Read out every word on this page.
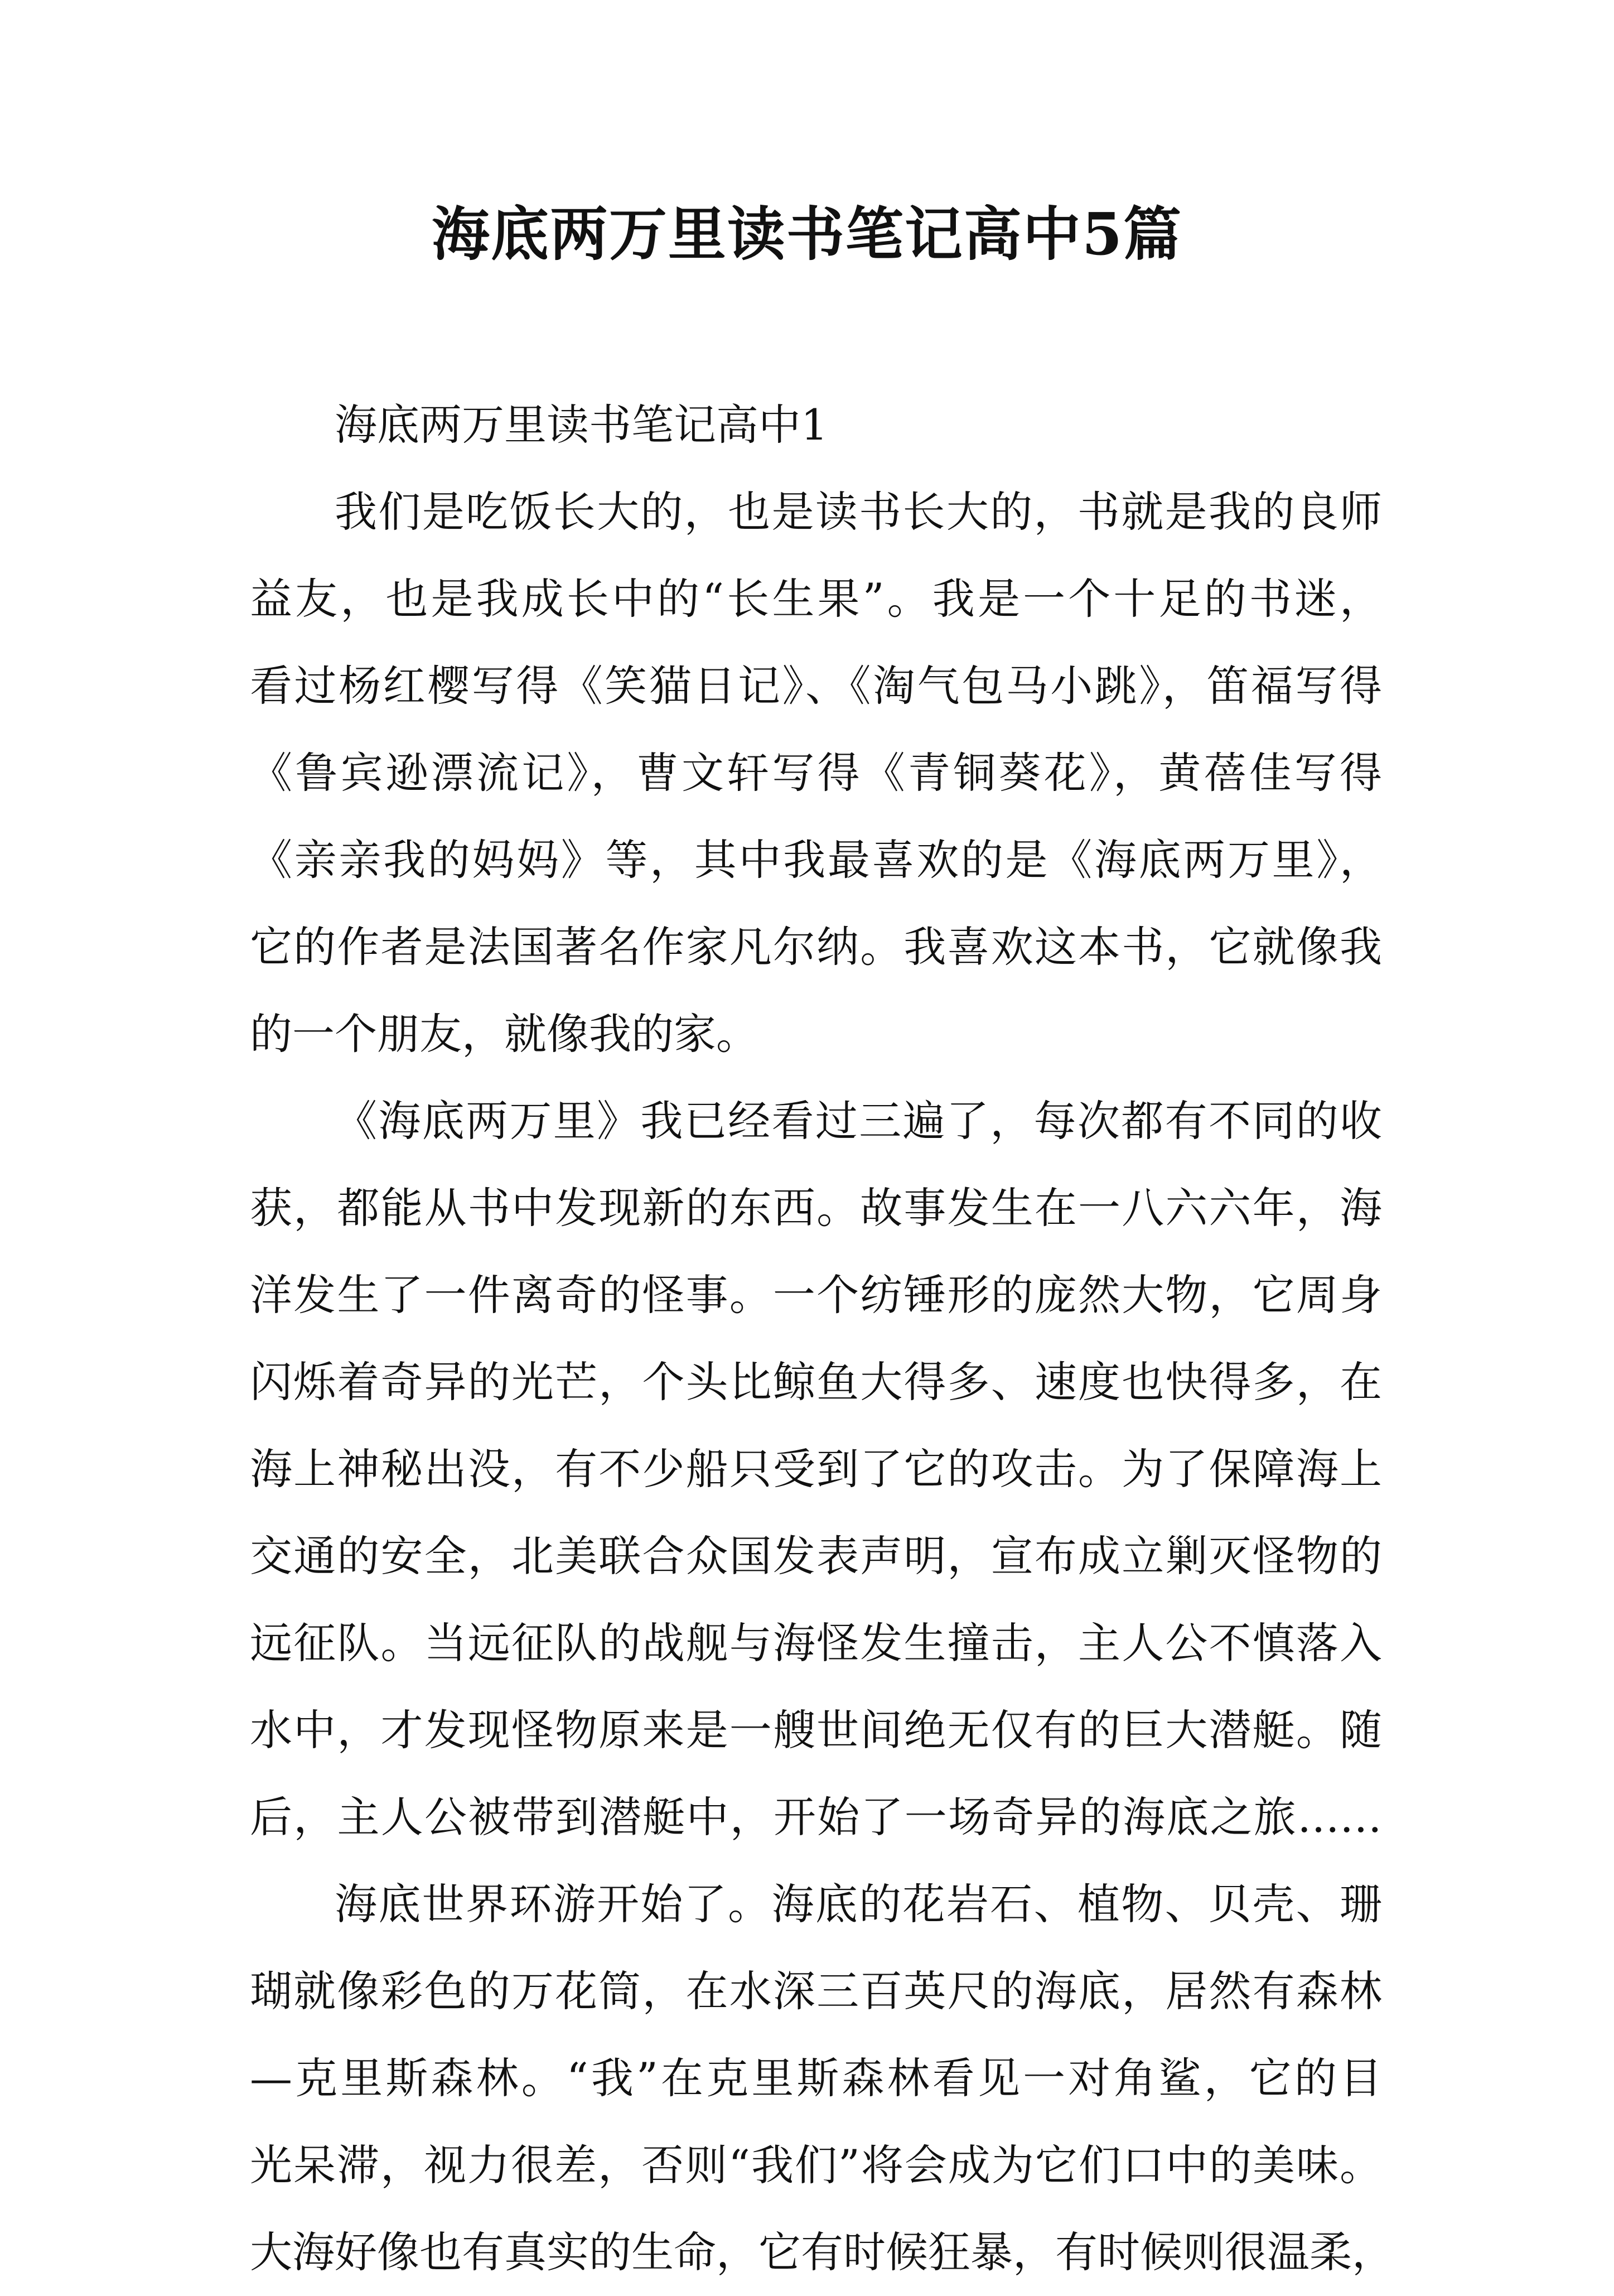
海底两万里读书笔记高中5篇
海底两万里读书笔记高中1
我们是吃饭长大的，也是读书长大的，书就是我的良师
益友，也是我成长中的“长生果”。我是一个十足的书迷，
看过杨红樱写得《笑猫日记》、《淘气包马小跳》，笛福写得
《鲁宾逊漂流记》，曹文轩写得《青铜葵花》，黄蓓佳写得
《亲亲我的妈妈》等，其中我最喜欢的是《海底两万里》，
它的作者是法国著名作家凡尔纳。我喜欢这本书，它就像我
的一个朋友，就像我的家。
《海底两万里》我已经看过三遍了，每次都有不同的收
获，都能从书中发现新的东西。故事发生在一八六六年，海
洋发生了一件离奇的怪事。一个纺锤形的庞然大物，它周身
闪烁着奇异的光芒，个头比鲸鱼大得多、速度也快得多，在
海上神秘出没，有不少船只受到了它的攻击。为了保障海上
交通的安全，北美联合众国发表声明，宣布成立剿灭怪物的
远征队。当远征队的战舰与海怪发生撞击，主人公不慎落入
水中，才发现怪物原来是一艘世间绝无仅有的巨大潜艇。随
后，主人公被带到潜艇中，开始了一场奇异的海底之旅……
海底世界环游开始了。海底的花岩石、植物、贝壳、珊
瑚就像彩色的万花筒，在水深三百英尺的海底，居然有森林
—克里斯森林。“我”在克里斯森林看见一对角鲨，它的目
光呆滞，视力很差，否则“我们”将会成为它们口中的美味。
大海好像也有真实的生命，它有时候狂暴，有时候则很温柔，
